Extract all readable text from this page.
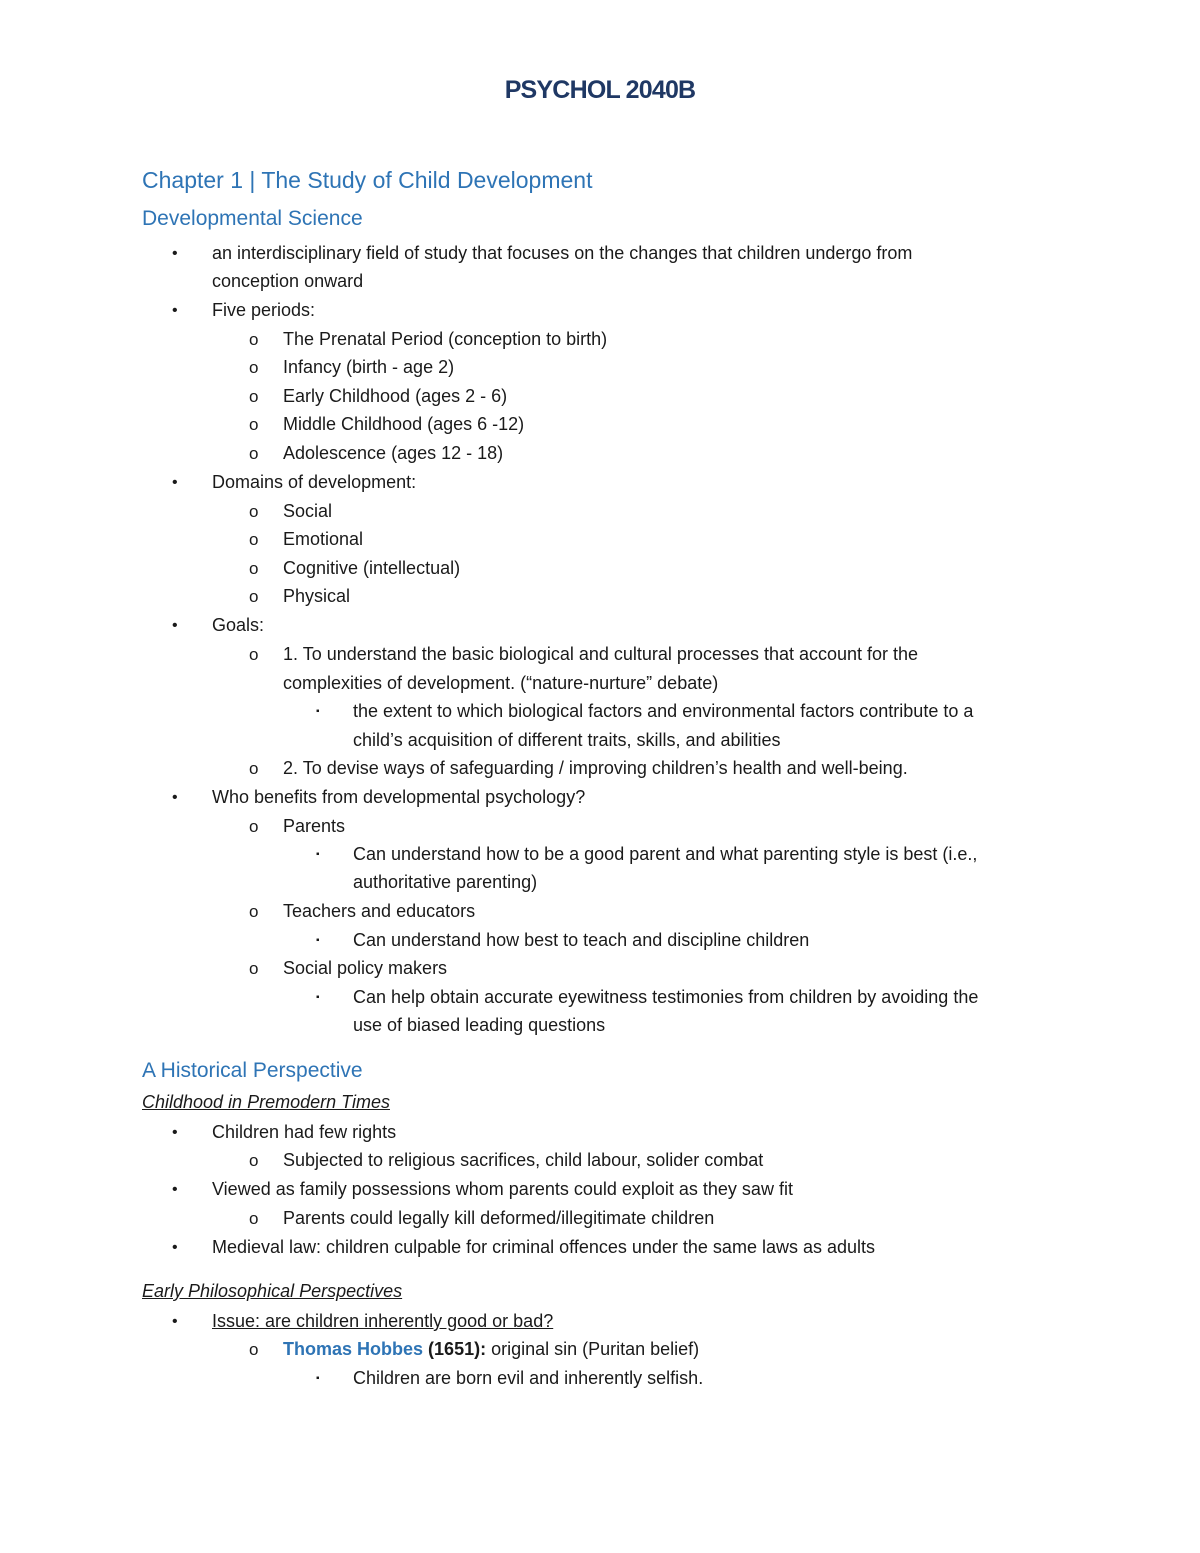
PSYCHOL 2040B
Chapter 1 | The Study of Child Development
Developmental Science
• an interdisciplinary field of study that focuses on the changes that children undergo from
conception onward
• Five periods:
o The Prenatal Period (conception to birth)
o Infancy (birth - age 2)
o Early Childhood (ages 2 - 6)
o Middle Childhood (ages 6 -12)
o Adolescence (ages 12 - 18)
• Domains of development:
o Social
o Emotional
o Cognitive (intellectual)
o Physical
• Goals:
o 1. To understand the basic biological and cultural processes that account for the
complexities of development. (“nature-nurture” debate)
▪ the extent to which biological factors and environmental factors contribute to a
child’s acquisition of different traits, skills, and abilities
o 2. To devise ways of safeguarding / improving children’s health and well-being.
• Who benefits from developmental psychology?
o Parents
▪ Can understand how to be a good parent and what parenting style is best (i.e.,
authoritative parenting)
o Teachers and educators
▪ Can understand how best to teach and discipline children
o Social policy makers
▪ Can help obtain accurate eyewitness testimonies from children by avoiding the
use of biased leading questions
A Historical Perspective
Childhood in Premodern Times
• Children had few rights
o Subjected to religious sacrifices, child labour, solider combat
• Viewed as family possessions whom parents could exploit as they saw fit
o Parents could legally kill deformed/illegitimate children
• Medieval law: children culpable for criminal offences under the same laws as adults
Early Philosophical Perspectives
• Issue: are children inherently good or bad?
o Thomas Hobbes (1651): original sin (Puritan belief)
▪ Children are born evil and inherently selfish.
